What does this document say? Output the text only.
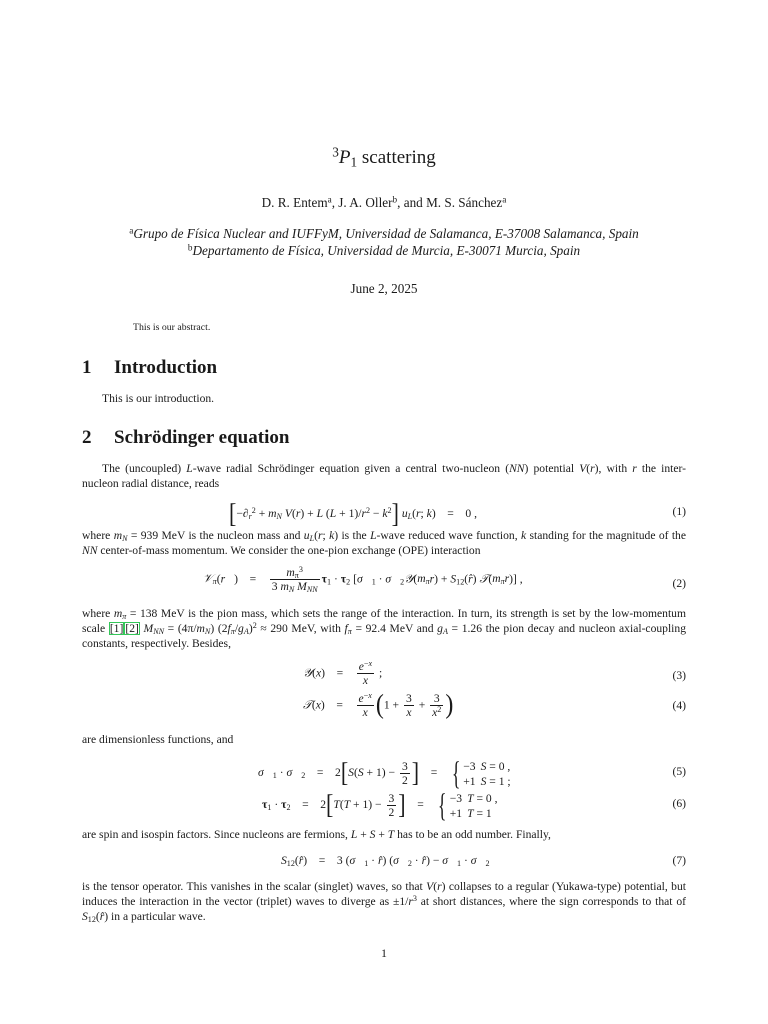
$^3P_1$ scattering
D. R. Entem$^a$, J. A. Oller$^b$, and M. S. Sánchez$^a$
$^a$Grupo de Física Nuclear and IUFFyM, Universidad de Salamanca, E-37008 Salamanca, Spain
$^b$Departamento de Física, Universidad de Murcia, E-30071 Murcia, Spain
June 2, 2025
This is our abstract.
1 Introduction
This is our introduction.
2 Schrödinger equation
The (uncoupled) L-wave radial Schrödinger equation given a central two-nucleon (NN) potential V(r), with r the inter-nucleon radial distance, reads
[$-\partial_r^2 + m_N$ V(r) + L $(L + 1)/r^2 - k^2$] $u_L(r$; k)    =    0 ,	(1)
where $m_N = 939$ MeV is the nucleon mass and $u_L(r$; k) is the L-wave reduced wave function, k standing for the magnitude of the NN center-of-mass momentum. We consider the one-pion exchange (OPE) interaction
𝒱$_\pi$(r⃗)    = $\frac{m_\pi^3}{3 m_N M_{NN}} \tau_1 \cdot \tau_2$ [$\sigma⃗_1$ · $\sigma⃗_2𝒴(m_\pi r)$ + $S_{12}(r̂)$ $𝒯(m_\pi r)$] ,	(2)
where $m_\pi = 138$ MeV is the pion mass, which sets the range of the interaction. In turn, its strength is set by the low-momentum scale [1] [2] $M_{NN} = (4\pi/m_N) (2f_\pi/g_A)^2 \approx 290$ MeV, with $f_\pi = 92.4$ MeV and $g_A = 1.26$ the pion decay and nucleon axial-coupling constants, respectively. Besides,
𝒴(x)    = $\frac{e^{-x}}{x}$ ;	(3)
𝒯(x)    = $\frac{e^{-x}}{x} (1 + \frac{3}{x} + \frac{3}{x^2}$ )	(4)
are dimensionless functions, and
$\sigma⃗_1$ · $\sigma⃗_2$    =    $2[S(S + 1) - \frac{3}{2}$ ]    =    { −3	S = 0 ,
+1	S = 1 ;
(5)
$\tau_1 \cdot \tau_2$    =    $2[T(T + 1) - \frac{3}{2}$ ]    =    { −3	T = 0 ,
+1	T = 1
(6)
are spin and isospin factors. Since nucleons are fermions, L + S + T has to be an odd number. Finally,
$S_{12}(r̂)$    =    3 ($\sigma⃗_1$ · r̂) ($\sigma⃗_2$ · r̂) − $\sigma⃗_1$ · $\sigma⃗_2$	(7)
is the tensor operator. This vanishes in the scalar (singlet) waves, so that V(r) collapses to a regular (Yukawa-type) potential, but induces the interaction in the vector (triplet) waves to diverge as $\pm 1/r^3$ at short distances, where the sign corresponds to that of $S_{12}(r̂)$ in a particular wave.
1
